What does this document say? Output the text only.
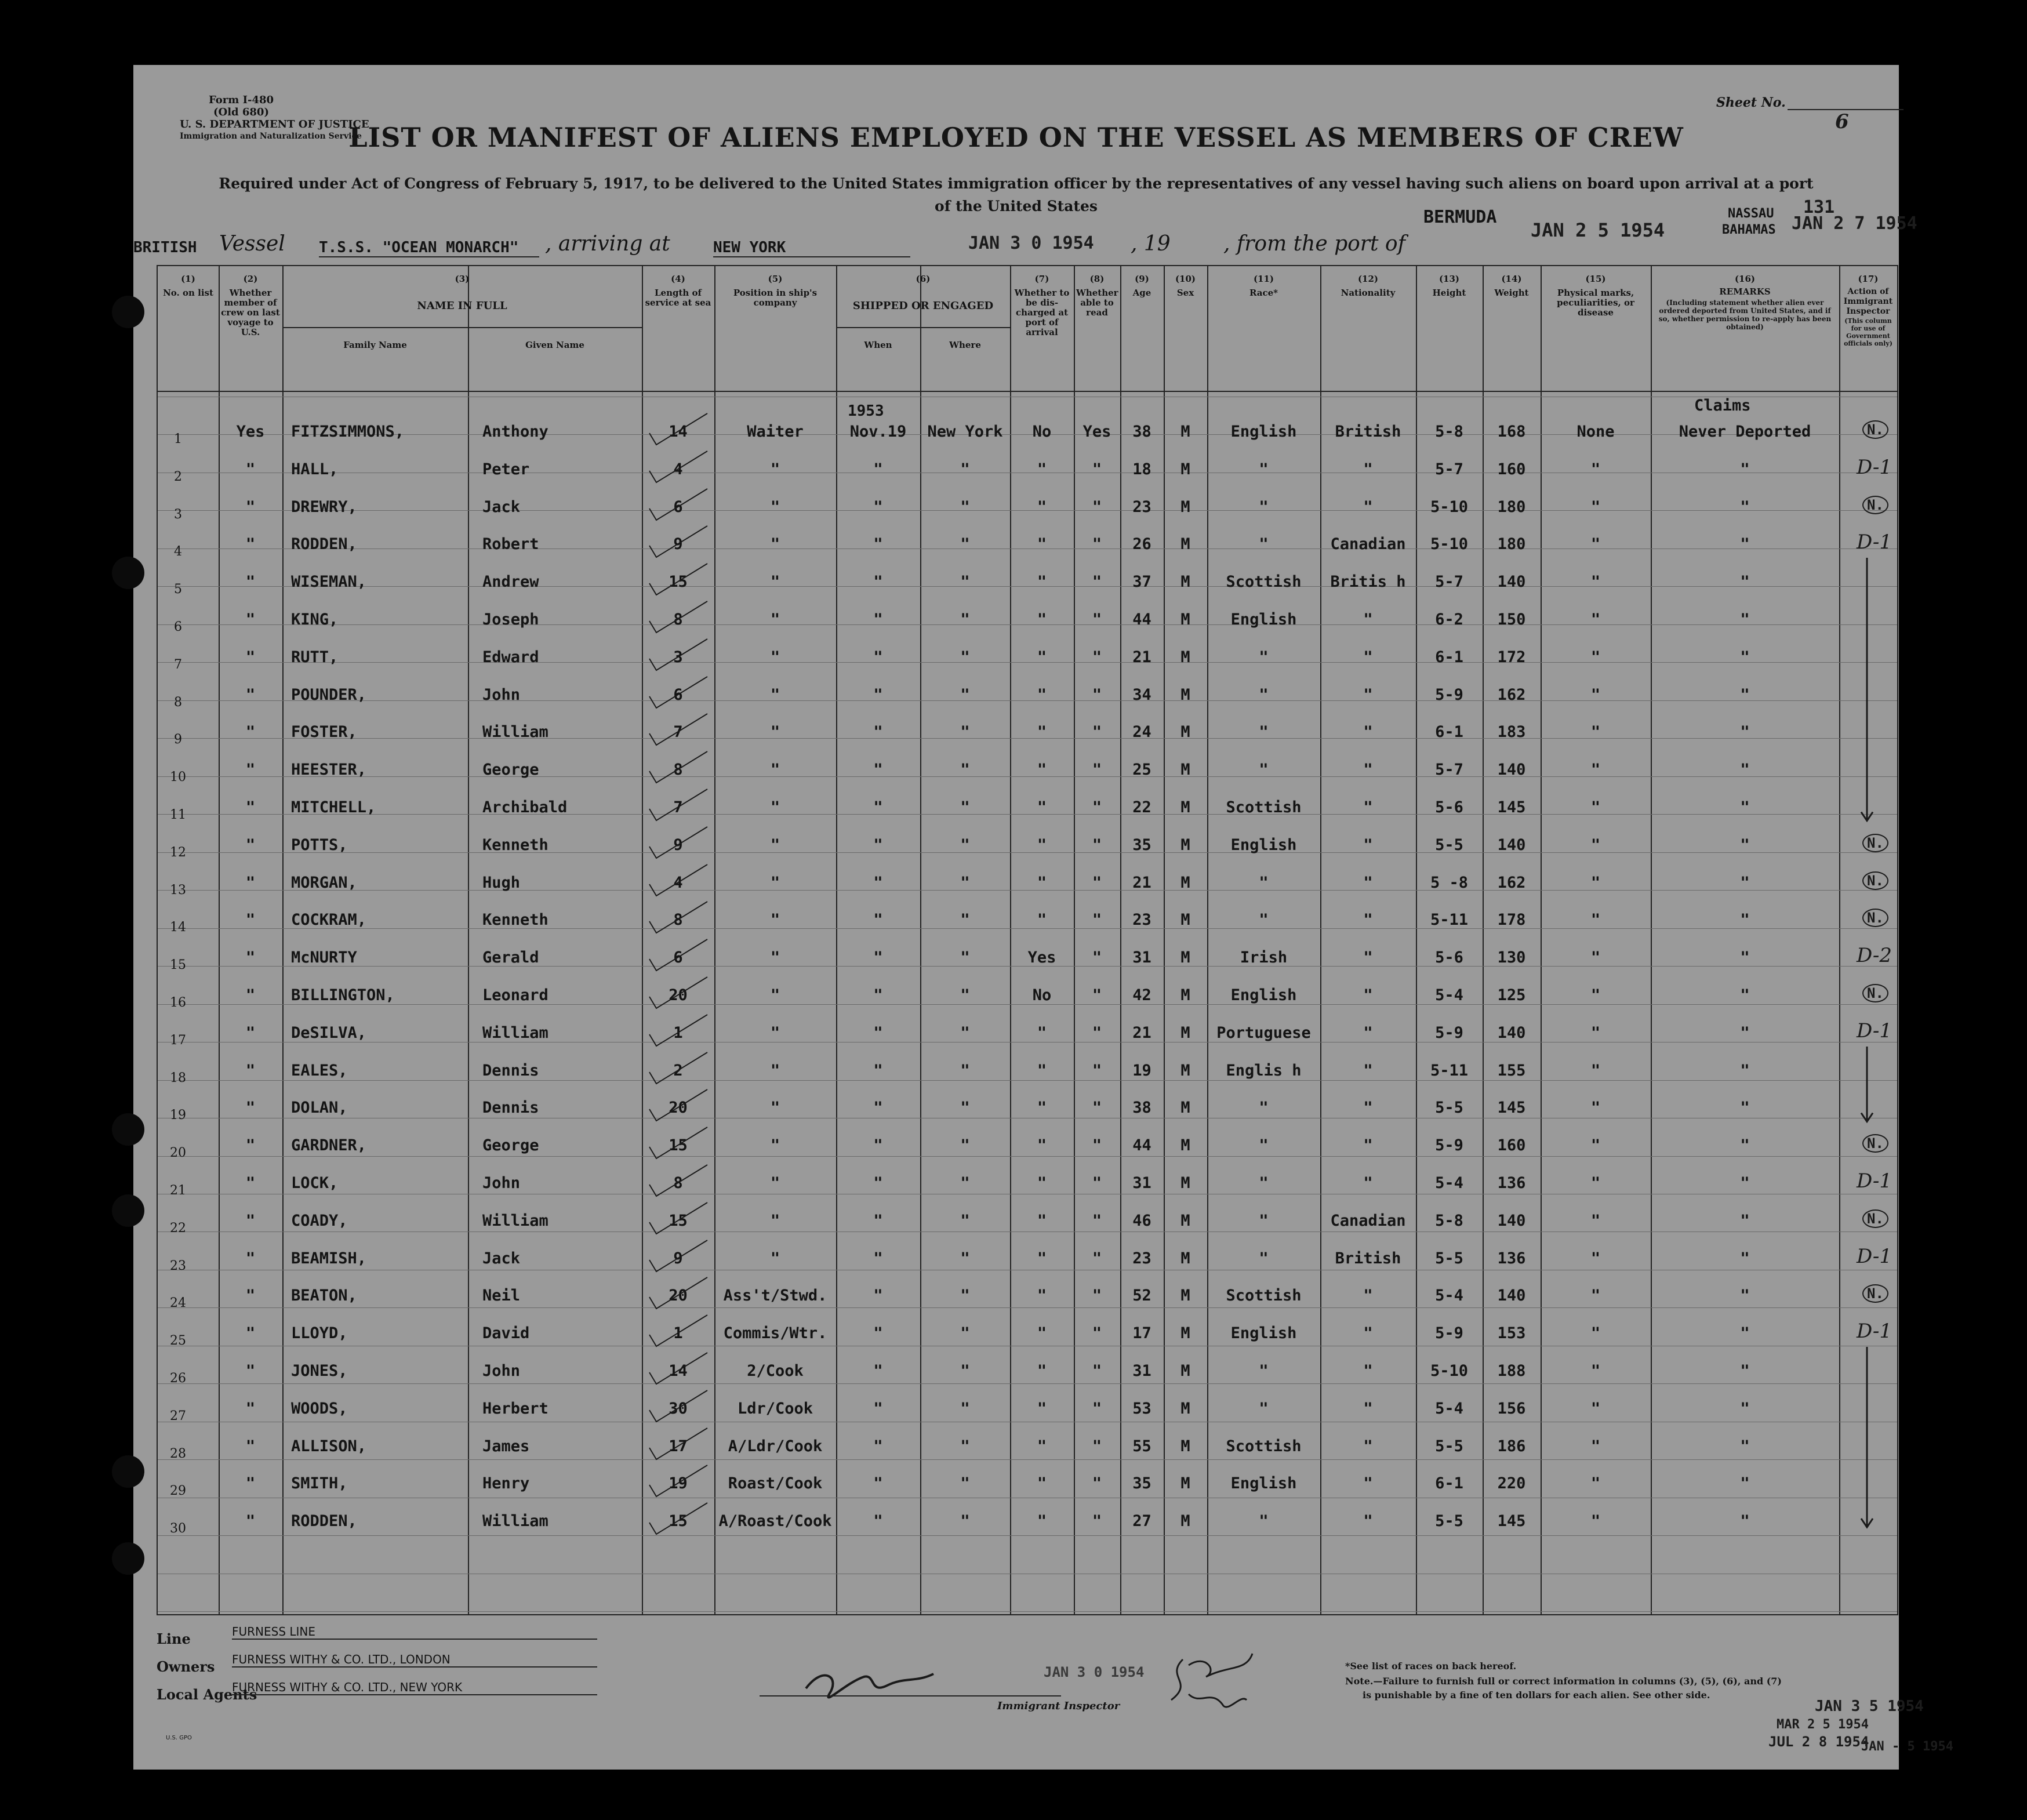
Form I-480
(Old 680)
U. S. DEPARTMENT OF JUSTICE
Immigration and Naturalization Service
Sheet No.
6
LIST OR MANIFEST OF ALIENS EMPLOYED ON THE VESSEL AS MEMBERS OF CREW
Required under Act of Congress of February 5, 1917, to be delivered to the United States immigration officer by the representatives of any vessel having such aliens on board upon arrival at a port
of the United States
BRITISH Vessel T.S.S. "OCEAN MONARCH"	, arriving at	NEW YORK	JAN 3 0 1954 , 19	, from the port of
BERMUDA
JAN 2 5 1954
NASSAU
BAHAMAS JAN 2 7 1954
131
(1)
No. on list
(2)
Whether member of crew on last voyage to U.S.
(4)
Length of service at sea
(5)
Position in ship's company
(7)
Whether to be dis-charged at port of arrival
(8)
Whether able to read
(9)
Age
(10)
Sex
(11)
Race*
(12)
Nationality
(13)
Height
(14)
Weight
(15)
Physical marks, peculiarities, or disease
(3)
NAME IN FULL
Family Name	Given Name
(6)
SHIPPED OR ENGAGED
When	Where
(16)
REMARKS
(Including statement whether alien ever ordered deported from United States, and if so, whether permission to re-apply has been obtained)
(17)
Action of Immigrant Inspector
(This column for use of Government officials only)
1	Yes	FITZSIMMONS,	Anthony	14	Waiter	Nov.19	New York	No	Yes	38	M	English	British	5-8	168	None	Never Deported	N.
2	"	HALL,	Peter	4	"	"	"	"	"	18	M	"	"	5-7	160	"	"	D-1
3	"	DREWRY,	Jack	6	"	"	"	"	"	23	M	"	"	5-10	180	"	"	N.
4	"	RODDEN,	Robert	9	"	"	"	"	"	26	M	"	Canadian	5-10	180	"	"	D-1
5	"	WISEMAN,	Andrew	15	"	"	"	"	"	37	M	Scottish	Britis h	5-7	140	"	"
6	"	KING,	Joseph	8	"	"	"	"	"	44	M	English	"	6-2	150	"	"
7	"	RUTT,	Edward	3	"	"	"	"	"	21	M	"	"	6-1	172	"	"
8	"	POUNDER,	John	6	"	"	"	"	"	34	M	"	"	5-9	162	"	"
9	"	FOSTER,	William	7	"	"	"	"	"	24	M	"	"	6-1	183	"	"
10	"	HEESTER,	George	8	"	"	"	"	"	25	M	"	"	5-7	140	"	"
11	"	MITCHELL,	Archibald	7	"	"	"	"	"	22	M	Scottish	"	5-6	145	"	"
12	"	POTTS,	Kenneth	9	"	"	"	"	"	35	M	English	"	5-5	140	"	"	N.
13	"	MORGAN,	Hugh	4	"	"	"	"	"	21	M	"	"	5 -8	162	"	"	N.
14	"	COCKRAM,	Kenneth	8	"	"	"	"	"	23	M	"	"	5-11	178	"	"	N.
15	"	McNURTY	Gerald	6	"	"	"	Yes	"	31	M	Irish	"	5-6	130	"	"	D-2
16	"	BILLINGTON,	Leonard	20	"	"	"	No	"	42	M	English	"	5-4	125	"	"	N.
17	"	DeSILVA,	William	1	"	"	"	"	"	21	M	Portuguese	"	5-9	140	"	"	D-1
18	"	EALES,	Dennis	2	"	"	"	"	"	19	M	Englis h	"	5-11	155	"	"
19	"	DOLAN,	Dennis	20	"	"	"	"	"	38	M	"	"	5-5	145	"	"
20	"	GARDNER,	George	15	"	"	"	"	"	44	M	"	"	5-9	160	"	"	N.
21	"	LOCK,	John	8	"	"	"	"	"	31	M	"	"	5-4	136	"	"	D-1
22	"	COADY,	William	15	"	"	"	"	"	46	M	"	Canadian	5-8	140	"	"	N.
23	"	BEAMISH,	Jack	9	"	"	"	"	"	23	M	"	British	5-5	136	"	"	D-1
24	"	BEATON,	Neil	20	Ass't/Stwd.	"	"	"	"	52	M	Scottish	"	5-4	140	"	"	N.
25	"	LLOYD,	David	1	Commis/Wtr.	"	"	"	"	17	M	English	"	5-9	153	"	"	D-1
26	"	JONES,	John	14	2/Cook	"	"	"	"	31	M	"	"	5-10	188	"	"
27	"	WOODS,	Herbert	30	Ldr/Cook	"	"	"	"	53	M	"	"	5-4	156	"	"
28	"	ALLISON,	James	17	A/Ldr/Cook	"	"	"	"	55	M	Scottish	"	5-5	186	"	"
29	"	SMITH,	Henry	19	Roast/Cook	"	"	"	"	35	M	English	"	6-1	220	"	"
30	"	RODDEN,	William	15	A/Roast/Cook	"	"	"	"	27	M	"	"	5-5	145	"	"
1953	Claims
Line	FURNESS LINE
Owners FURNESS WITHY & CO. LTD., LONDON
Local Agents
FURNESS WITHY & CO. LTD., NEW YORK
Immigrant Inspector
JAN 3 0 1954	*See list of races on back hereof.
Note.—Failure to furnish full or correct information in columns (3), (5), (6), and (7)
is punishable by a fine of ten dollars for each alien. See other side.
JAN 3 5 1954
MAR 2 5 1954
JUL 2 8 1954
JAN - 5 1954
U.S. GPO
